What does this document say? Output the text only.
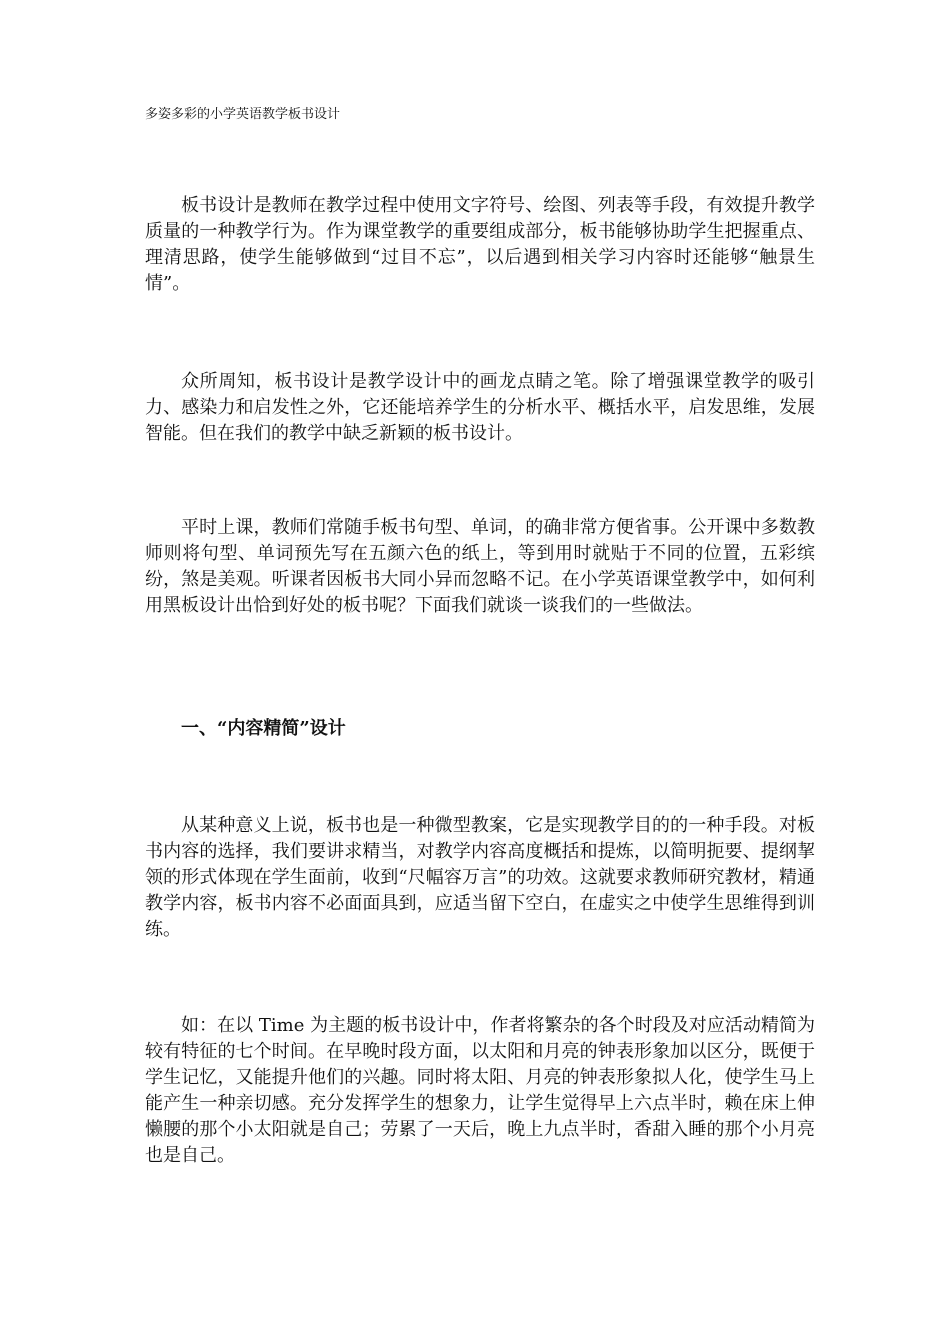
多姿多彩的小学英语教学板书设计

板书设计是教师在教学过程中使用文字符号、绘图、列表等手段，有效提升教学质量的一种教学行为。作为课堂教学的重要组成部分，板书能够协助学生把握重点、理清思路，使学生能够做到“过目不忘”，以后遇到相关学习内容时还能够“触景生情”。

众所周知，板书设计是教学设计中的画龙点睛之笔。除了增强课堂教学的吸引力、感染力和启发性之外，它还能培养学生的分析水平、概括水平，启发思维，发展智能。但在我们的教学中缺乏新颖的板书设计。

平时上课，教师们常随手板书句型、单词，的确非常方便省事。公开课中多数教师则将句型、单词预先写在五颜六色的纸上，等到用时就贴于不同的位置，五彩缤纷，煞是美观。听课者因板书大同小异而忽略不记。在小学英语课堂教学中，如何利用黑板设计出恰到好处的板书呢？下面我们就谈一谈我们的一些做法。

一、“内容精简”设计

从某种意义上说，板书也是一种微型教案，它是实现教学目的的一种手段。对板书内容的选择，我们要讲求精当，对教学内容高度概括和提炼，以简明扼要、提纲挈领的形式体现在学生面前，收到“尺幅容万言”的功效。这就要求教师研究教材，精通教学内容，板书内容不必面面具到，应适当留下空白，在虚实之中使学生思维得到训练。

如：在以 Time 为主题的板书设计中，作者将繁杂的各个时段及对应活动精简为较有特征的七个时间。在早晚时段方面，以太阳和月亮的钟表形象加以区分，既便于学生记忆，又能提升他们的兴趣。同时将太阳、月亮的钟表形象拟人化，使学生马上能产生一种亲切感。充分发挥学生的想象力，让学生觉得早上六点半时，赖在床上伸懒腰的那个小太阳就是自己；劳累了一天后，晚上九点半时，香甜入睡的那个小月亮也是自己。
